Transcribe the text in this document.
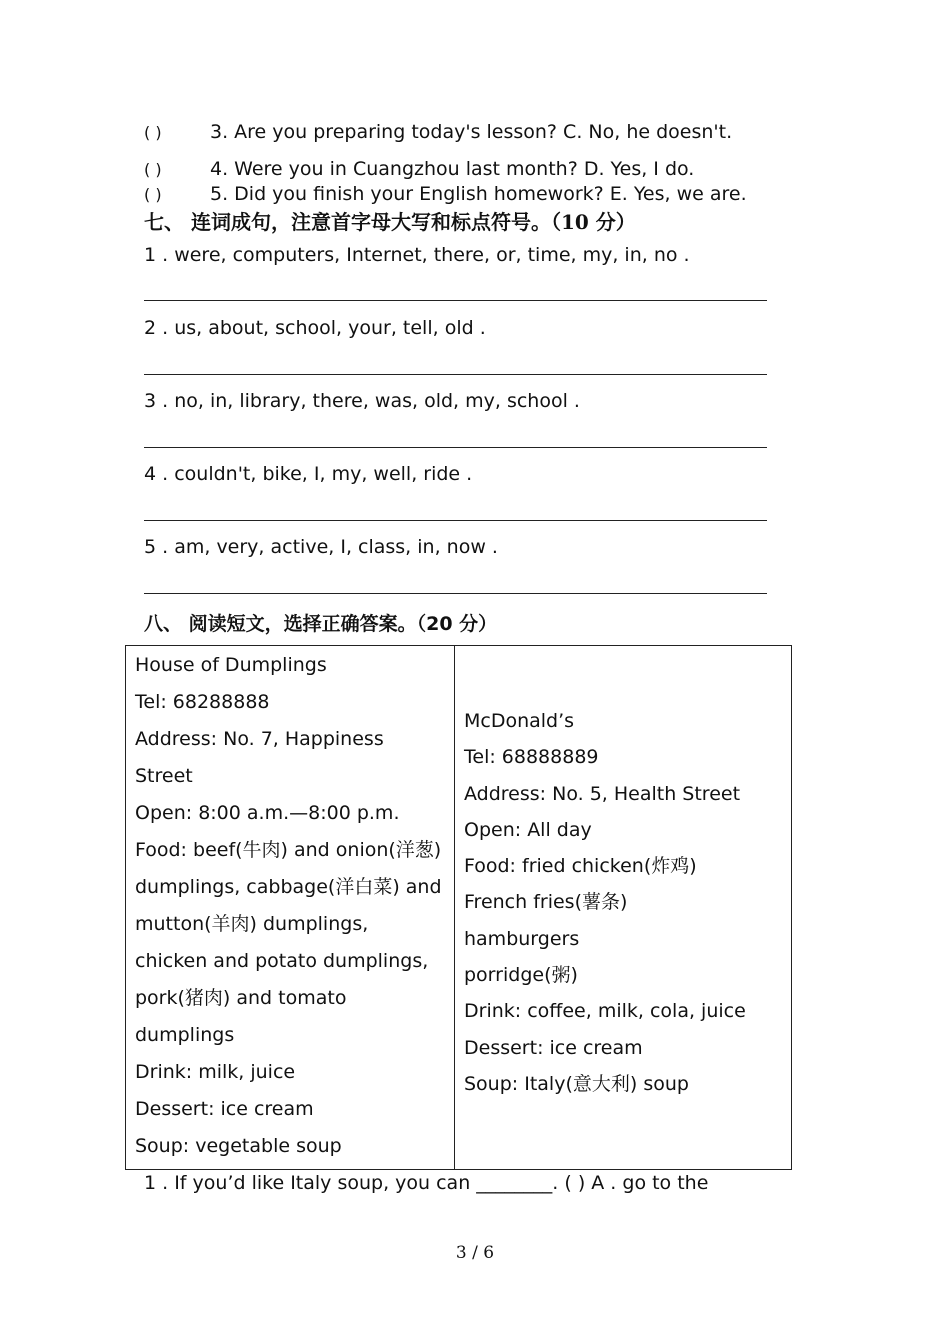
( )	3. Are you preparing today's lesson? C. No, he doesn't.
( )	4. Were you in Cuangzhou last month? D. Yes, I do.
( )	5. Did you finish your English homework? E. Yes, we are.
七、 连词成句，注意首字母大写和标点符号。（10 分）
1 . were, computers, Internet, there, or, time, my, in, no .
2 . us, about, school, your, tell, old .
3 . no, in, library, there, was, old, my, school .
4 . couldn't, bike, I, my, well, ride .
5 . am, very, active, I, class, in, now .
八、 阅读短文，选择正确答案。（20 分）
House of Dumplings
Tel: 68288888
Address: No. 7, Happiness
Street
Open: 8:00 a.m.—8:00 p.m.
Food: beef(牛肉) and onion(洋葱)
dumplings, cabbage(洋白菜) and
mutton(羊肉) dumplings,
chicken and potato dumplings,
pork(猪肉) and tomato
dumplings
Drink: milk, juice
Dessert: ice cream
Soup: vegetable soup
McDonald’s
Tel: 68888889
Address: No. 5, Health Street
Open: All day
Food: fried chicken(炸鸡)
French fries(薯条)
hamburgers
porridge(粥)
Drink: coffee, milk, cola, juice
Dessert: ice cream
Soup: Italy(意大利) soup
1 . If you’d like Italy soup, you can ________. ( ) A . go to the
3 / 6
